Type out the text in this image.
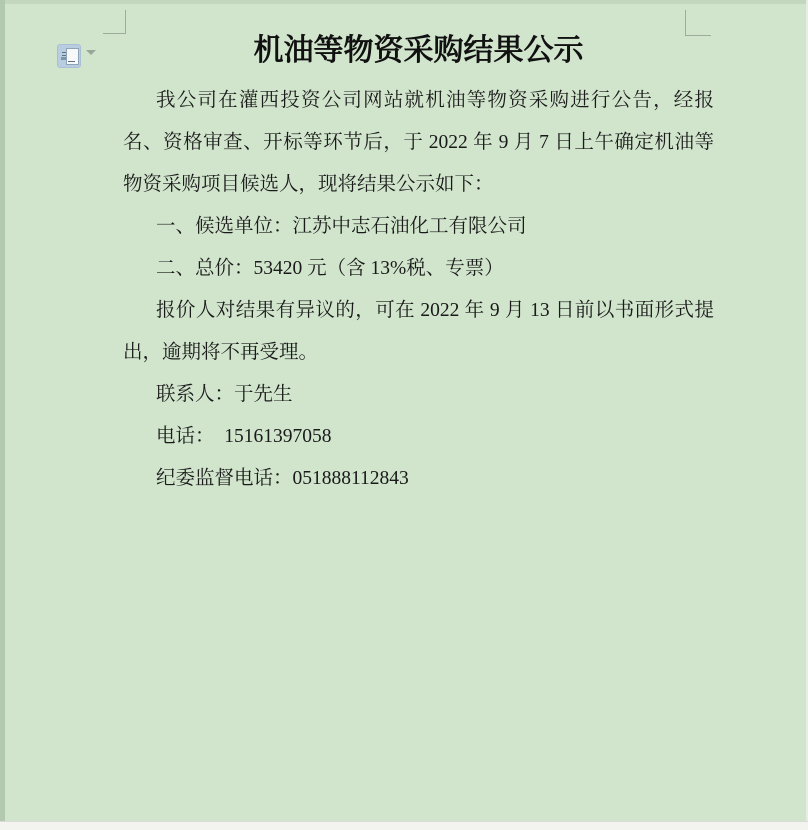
机油等物资采购结果公示
我公司在灌西投资公司网站就机油等物资采购进行公告，经报
名、资格审查、开标等环节后，于 2022 年 9 月 7 日上午确定机油等
物资采购项目候选人，现将结果公示如下：
一、候选单位：江苏中志石油化工有限公司
二、总价：53420 元（含 13%税、专票）
报价人对结果有异议的，可在 2022 年 9 月 13 日前以书面形式提
出，逾期将不再受理。
联系人：于先生
电话：  15161397058
纪委监督电话：051888112843
